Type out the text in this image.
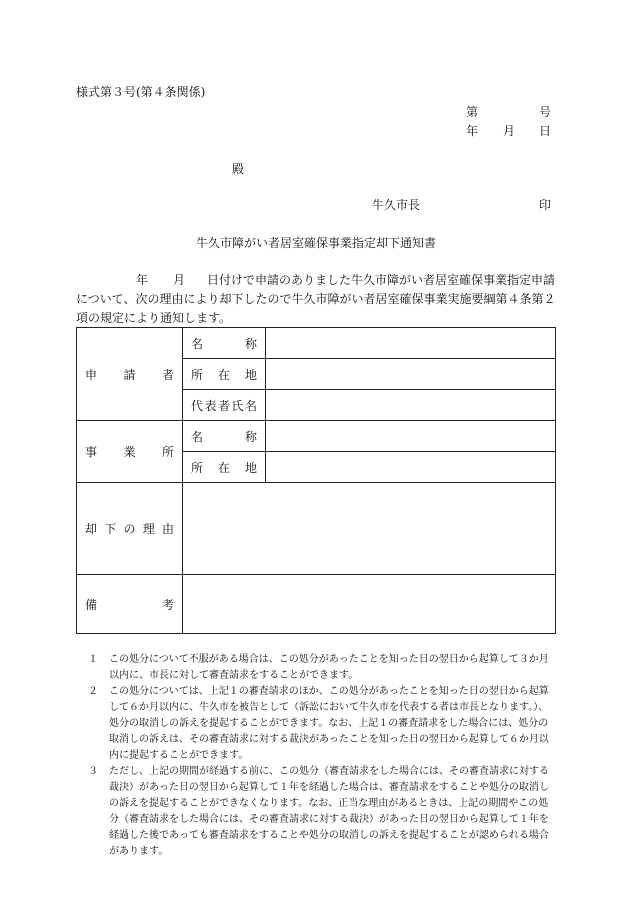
様式第３号(第４条関係)
第	号
年 月 日
殿
牛久市長	印
牛久市障がい者居室確保事業指定却下通知書
年 月 日付けで申請のありました牛久市障がい者居室確保事業指定申請
について、次の理由により却下したので牛久市障がい者居室確保事業実施要綱第４条第２
項の規定により通知します。
申 請 者	名 称	

	所 在 地	

	代 表 者 氏 名	

事 業 所	名 称	

	所 在 地	

却 下 の 理 由		

備 考		

１ この処分について不服がある場合は、この処分があったことを知った日の翌日から起算して３か月以内に、市長に対して審査請求をすることができます。
２ この処分については、上記１の審査請求のほか、この処分があったことを知った日の翌日から起算して６か月以内に、牛久市を被告として（訴訟において牛久市を代表する者は市長となります。）、処分の取消しの訴えを提起することができます。なお、上記１の審査請求をした場合には、処分の取消しの訴えは、その審査請求に対する裁決があったことを知った日の翌日から起算して６か月以内に提起することができます。
３ ただし、上記の期間が経過する前に、この処分（審査請求をした場合には、その審査請求に対する裁決）があった日の翌日から起算して１年を経過した場合は、審査請求をすることや処分の取消しの訴えを提起することができなくなります。なお、正当な理由があるときは、上記の期間やこの処分（審査請求をした場合には、その審査請求に対する裁決）があった日の翌日から起算して１年を経過した後であっても審査請求をすることや処分の取消しの訴えを提起することが認められる場合があります。
